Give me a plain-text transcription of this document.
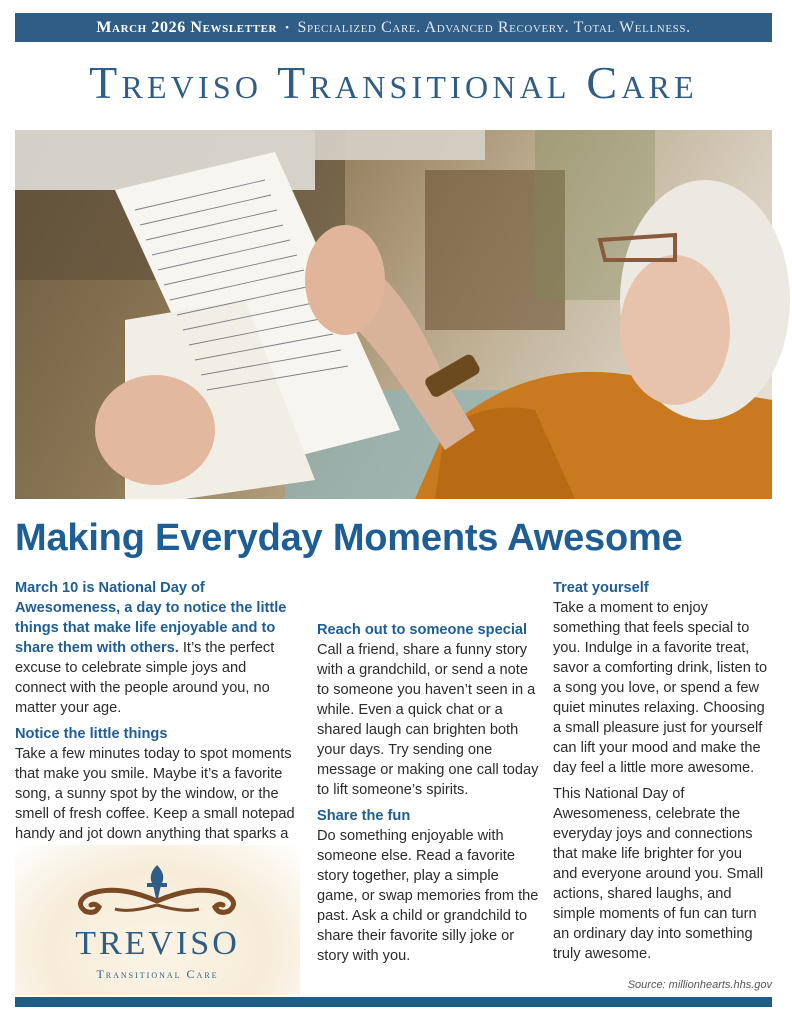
March 2026 Newsletter • Specialized Care. Advanced Recovery. Total Wellness.
Treviso Transitional Care
Making Everyday Moments Awesome

March 10 is National Day of Awesomeness, a day to notice the little things that make life enjoyable and to share them with others. It’s the perfect excuse to celebrate simple joys and connect with the people around you, no matter your age.

Notice the little things

Take a few minutes today to spot moments that make you smile. Maybe it’s a favorite song, a sunny spot by the window, or the smell of fresh coffee. Keep a small notepad handy and jot down anything that sparks a

Reach out to someone special

Call a friend, share a funny story with a grandchild, or send a note to someone you haven’t seen in a while. Even a quick chat or a shared laugh can brighten both your days. Try sending one message or making one call today to lift someone’s spirits.

Share the fun

Do something enjoyable with someone else. Read a favorite story together, play a simple game, or swap memories from the past. Ask a child or grandchild to share their favorite silly joke or story with you.

Treat yourself

Take a moment to enjoy something that feels special to you. Indulge in a favorite treat, savor a comforting drink, listen to a song you love, or spend a few quiet minutes relaxing. Choosing a small pleasure just for yourself can lift your mood and make the day feel a little more awesome.

This National Day of Awesomeness, celebrate the everyday joys and connections that make life brighter for you and everyone around you. Small actions, shared laughs, and simple moments of fun can turn an ordinary day into something truly awesome.

Source: millionhearts.hhs.gov
TREVISO
Transitional Care
